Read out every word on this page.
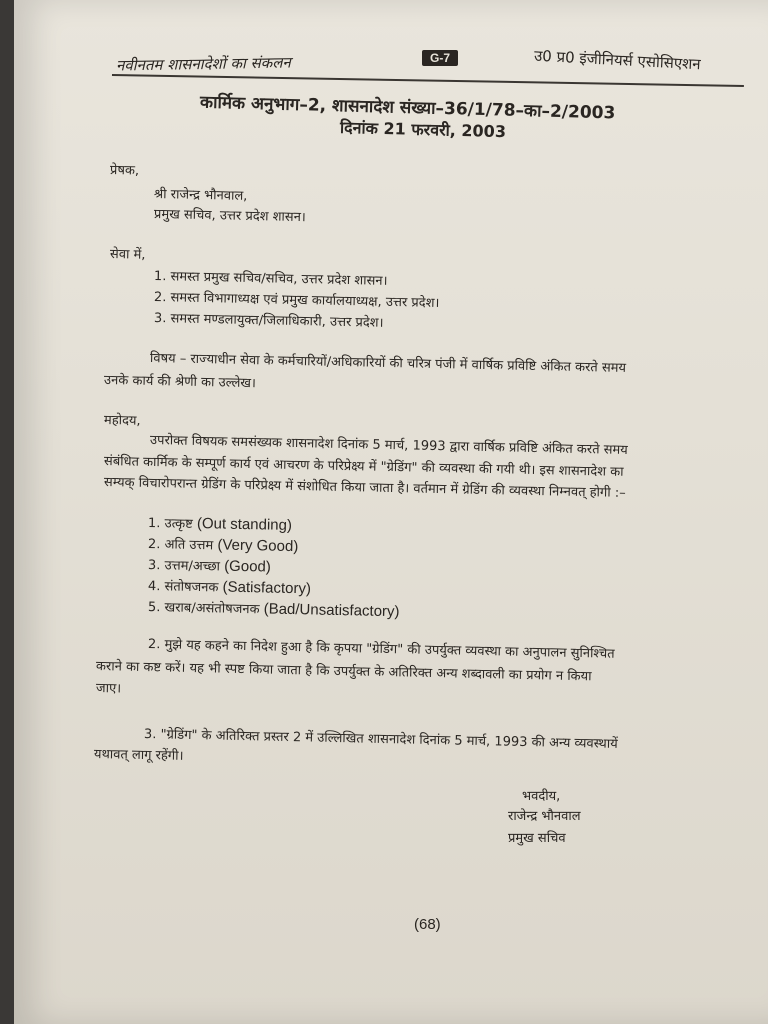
नवीनतम शासनादेशों का संकलन	G-7	उ0 प्र0 इंजीनियर्स एसोसिएशन
कार्मिक अनुभाग–2, शासनादेश संख्या–36/1/78–का–2/2003
दिनांक 21 फरवरी, 2003
प्रेषक,
श्री राजेन्द्र भौनवाल,
प्रमुख सचिव, उत्तर प्रदेश शासन।
सेवा में,
1. समस्त प्रमुख सचिव/सचिव, उत्तर प्रदेश शासन।
2. समस्त विभागाध्यक्ष एवं प्रमुख कार्यालयाध्यक्ष, उत्तर प्रदेश।
3. समस्त मण्डलायुक्त/जिलाधिकारी, उत्तर प्रदेश।
विषय – राज्याधीन सेवा के कर्मचारियों/अधिकारियों की चरित्र पंजी में वार्षिक प्रविष्टि अंकित करते समय
उनके कार्य की श्रेणी का उल्लेख।
महोदय,
उपरोक्त विषयक समसंख्यक शासनादेश दिनांक 5 मार्च, 1993 द्वारा वार्षिक प्रविष्टि अंकित करते समय
संबंधित कार्मिक के सम्पूर्ण कार्य एवं आचरण के परिप्रेक्ष्य में "ग्रेडिंग" की व्यवस्था की गयी थी। इस शासनादेश का
सम्यक् विचारोपरान्त ग्रेडिंग के परिप्रेक्ष्य में संशोधित किया जाता है। वर्तमान में ग्रेडिंग की व्यवस्था निम्नवत् होगी :–
1. उत्कृष्ट (Out standing)
2. अति उत्तम (Very Good)
3. उत्तम/अच्छा (Good)
4. संतोषजनक (Satisfactory)
5. खराब/असंतोषजनक (Bad/Unsatisfactory)
2. मुझे यह कहने का निदेश हुआ है कि कृपया "ग्रेडिंग" की उपर्युक्त व्यवस्था का अनुपालन सुनिश्चित
कराने का कष्ट करें। यह भी स्पष्ट किया जाता है कि उपर्युक्त के अतिरिक्त अन्य शब्दावली का प्रयोग न किया
जाए।
3. "ग्रेडिंग" के अतिरिक्त प्रस्तर 2 में उल्लिखित शासनादेश दिनांक 5 मार्च, 1993 की अन्य व्यवस्थायें
यथावत् लागू रहेंगी।
भवदीय,
राजेन्द्र भौनवाल
प्रमुख सचिव
(68)
